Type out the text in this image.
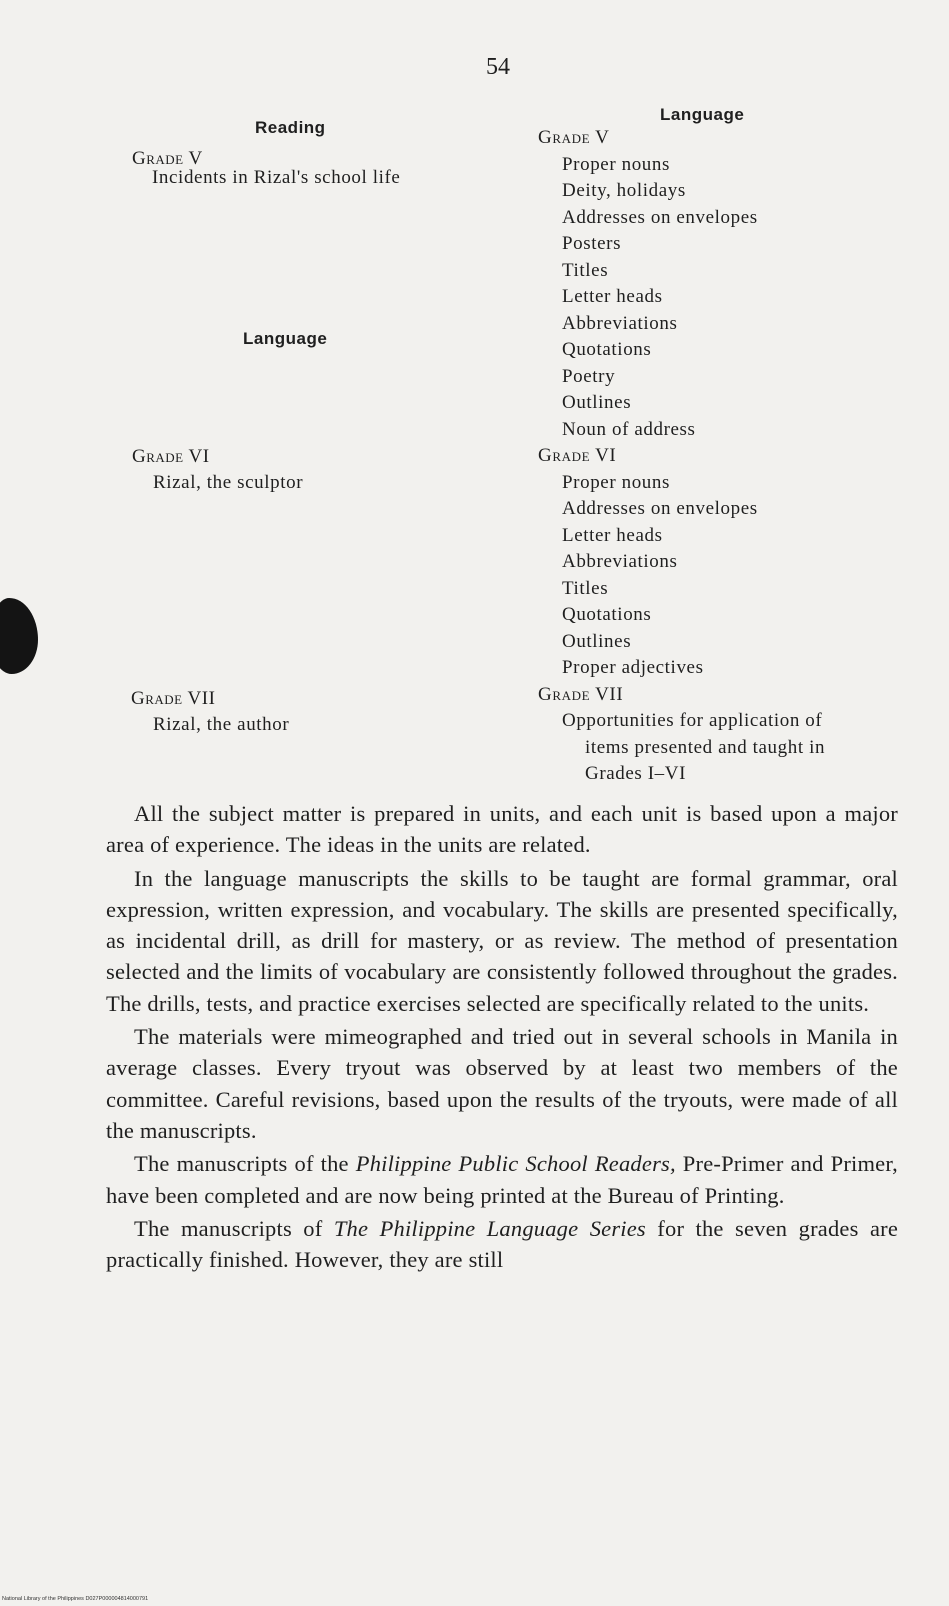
54
Reading
Grade V
Incidents in Rizal's school life
Language
Grade VI
Rizal, the sculptor
Grade VII
Rizal, the author
Language
Grade V
Proper nouns
Deity, holidays
Addresses on envelopes
Posters
Titles
Letter heads
Abbreviations
Quotations
Poetry
Outlines
Noun of address
Grade VI
Proper nouns
Addresses on envelopes
Letter heads
Abbreviations
Titles
Quotations
Outlines
Proper adjectives
Grade VII
Opportunities for application of
items presented and taught in
Grades I–VI

All the subject matter is prepared in units, and each unit is based upon a major area of experience. The ideas in the units are related.

In the language manuscripts the skills to be taught are formal grammar, oral expression, written expression, and vocabulary. The skills are presented specifically, as incidental drill, as drill for mastery, or as review. The method of presentation selected and the limits of vocabulary are consistently followed throughout the grades. The drills, tests, and practice exercises selected are specifically related to the units.

The materials were mimeographed and tried out in several schools in Manila in average classes. Every tryout was observed by at least two members of the committee. Careful revisions, based upon the results of the tryouts, were made of all the manuscripts.

The manuscripts of the Philippine Public School Readers, Pre-Primer and Primer, have been completed and are now being printed at the Bureau of Printing.

The manuscripts of The Philippine Language Series for the seven grades are practically finished. However, they are still

National Library of the Philippines D027P000004814000791
